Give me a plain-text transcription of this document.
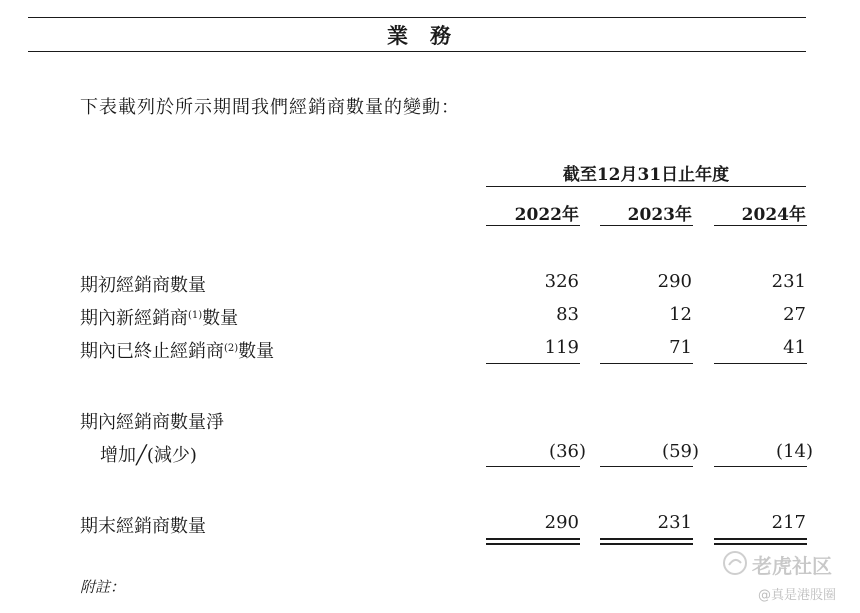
業務
下表載列於所示期間我們經銷商數量的變動：
截至12月31日止年度
2022年	2023年	2024年
期初經銷商數量	326	290	231
期內新經銷商$^{(1)}$數量	83	12	27
期內已終止經銷商$^{(2)}$數量	119	71	41
期內經銷商數量淨
增加╱(減少)	(36)	(59)	(14)
期末經銷商數量	290	231	217
附註：
老虎社区
@真是港股圈
